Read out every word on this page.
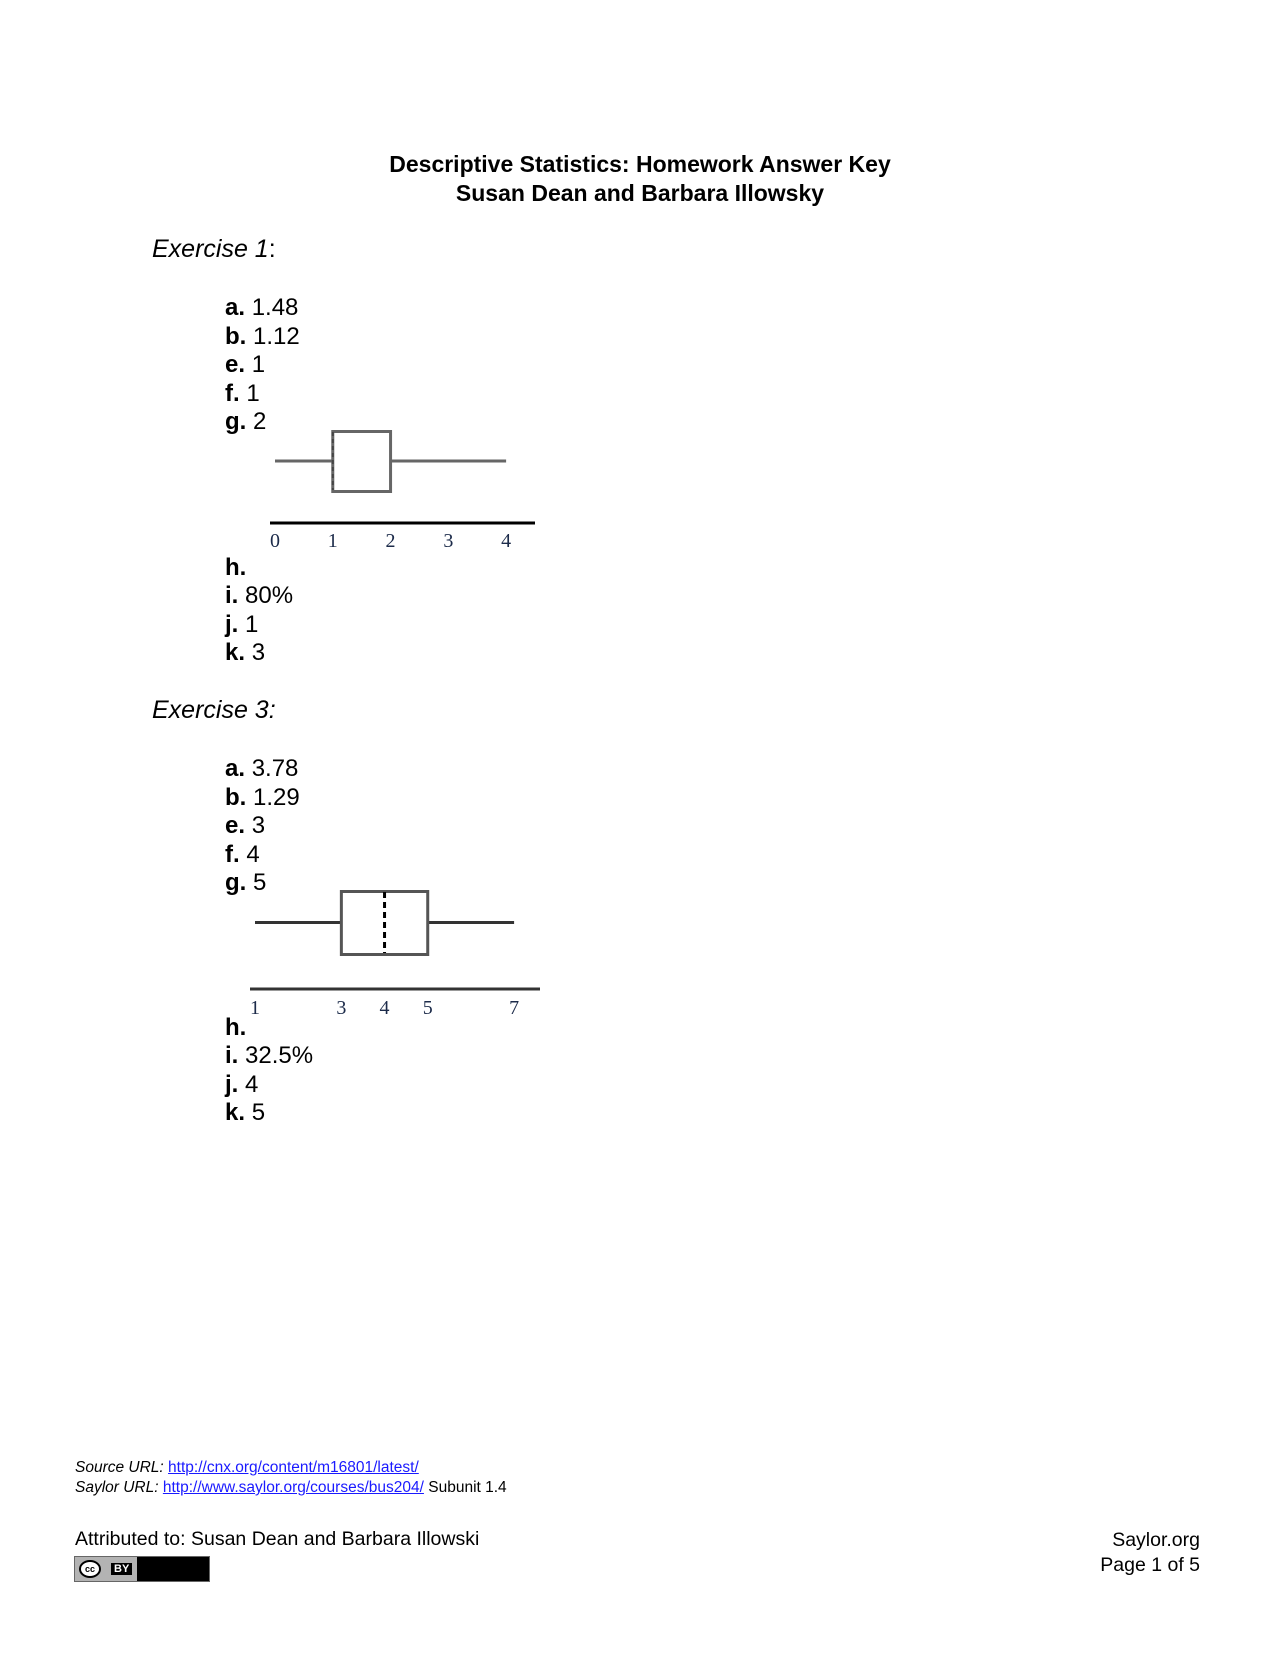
Descriptive Statistics: Homework Answer Key
Susan Dean and Barbara Illowsky
Exercise 1:
a. 1.48
b. 1.12
e. 1
f. 1
g. 2
0 1 2 3 4
h.
i. 80%
j. 1
k. 3
Exercise 3:
a. 3.78
b. 1.29
e. 3
f. 4
g. 5
1	3 4 5	7
h.
i. 32.5%
j. 4
k. 5
Source URL: http://cnx.org/content/m16801/latest/
Saylor URL: http://www.saylor.org/courses/bus204/ Subunit 1.4
Attributed to: Susan Dean and Barbara Illowski
cc	BY
Saylor.org
Page 1 of 5
